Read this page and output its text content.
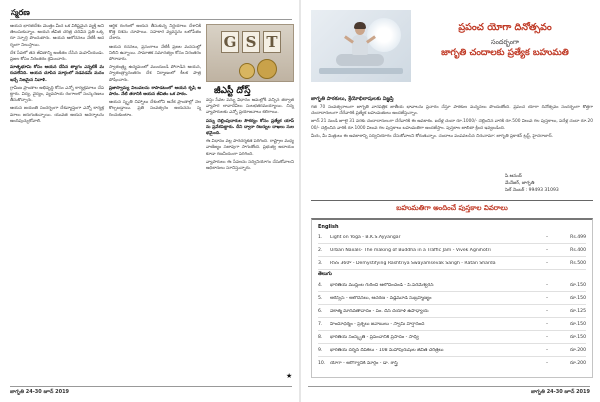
స్మరణ

ఆయన భారతదేశం మొత్తం మీద ఒక విశిష్టమైన వ్యక్తి అని తెలుసుకున్నాం. ఆయన జీవిత చరిత్ర చదివిన ప్రతి ఒక్కరూ స్ఫూర్తి పొందుతారు. ఆయన ఆలోచనలు నేటికీ ఆదర్శంగా నిలుస్తాయి.

దేశ సేవలో తన జీవితాన్ని అంకితం చేసిన మహనీయుడు. ప్రజల కోసం నిరంతరం శ్రమించారు.

మాతృభూమి కోసం ఆయన చేసిన త్యాగం ఎన్నటికీ మరువలేనిది. ఆయన చూపిన మార్గంలో నడవడమే మనం ఇచ్చే నిజమైన నివాళి.

గ్రామీణ ప్రాంతాల అభివృద్ధి కోసం ఎన్నో కార్యక్రమాలు చేపట్టారు. విద్య, వైద్యం, వ్యవసాయ రంగాలలో సంస్కరణలు తీసుకొచ్చారు.

ఆయన జయంతి సందర్భంగా దేశవ్యాప్తంగా ఎన్నో కార్యక్రమాలు జరుగుతున్నాయి. యువత ఆయన ఆదర్శాలను అందిపుచ్చుకోవాలి.

ఆర్థిక రంగంలో ఆయన తీసుకున్న నిర్ణయాలు దేశానికి కొత్త దిశను చూపాయి. సహకార వ్యవస్థను బలోపేతం చేశారు.

ఆయన రచనలు, ప్రసంగాలు నేటికీ ప్రజల మనసుల్లో నిలిచి ఉన్నాయి. సామాజిక సమానత్వం కోసం నిరంతరం పోరాడారు.

స్వాతంత్ర్య ఉద్యమంలో ముందుండి పోరాడిన ఆయన, స్వాతంత్ర్యానంతరం దేశ నిర్మాణంలో కీలక పాత్ర పోషించారు.

ప్రజాస్వామ్య విలువలను కాపాడటంలో ఆయన కృషి అపారం. నేటి తరానికి ఆయన జీవితం ఒక పాఠం.

ఆయన స్మృతి చిహ్నాలు దేశంలోని అనేక ప్రాంతాల్లో నెలకొల్పబడ్డాయి. ప్రతి సంవత్సరం ఆయనను స్మరించుకుంటాం.

G S T
జీఎస్టీ దోస్త్

వస్తు సేవల పన్ను విధానం అమల్లోకి వచ్చిన తర్వాత వ్యాపార లావాదేవీలు సులభతరమయ్యాయి. చిన్న వ్యాపారులకు ఎన్నో ప్రయోజనాలు కలిగాయి.

పన్ను చెల్లింపుదారుల సౌకర్యం కోసం ప్రత్యేక యాప్ ను ప్రవేశపెట్టారు. దీని ద్వారా రిటర్నుల దాఖలు సులభమైంది.

ఈ విధానం వల్ల పారదర్శకత పెరిగింది. రాష్ట్రాల మధ్య వాణిజ్యం సజావుగా సాగుతోంది. ప్రభుత్వ ఆదాయం కూడా గణనీయంగా పెరిగింది.

వ్యాపారులు ఈ సేవలను సద్వినియోగం చేసుకోవాలని అధికారులు సూచిస్తున్నారు.

★
జాగృతి 24-30 జూన్ 2019
ప్రపంచ యోగా దినోత్సవం
సందర్భంగా
జాగృతి చందాలకు ప్రత్యేక బహుమతి
జాగృతి పాఠకులు, శ్రేయోభిలాషులకు విజ్ఞప్తి

గత 70 సంవత్సరాలుగా జాగృతి వారపత్రిక జాతీయ భావాలను ప్రచారం చేస్తూ పాఠకుల మన్ననలు పొందుతోంది. ప్రపంచ యోగా దినోత్సవం సందర్భంగా కొత్తగా చందాదారులుగా చేరేవారికి ప్రత్యేక బహుమతులు అందజేస్తున్నాం.

జూన్ 21 నుండి జూలై 31 వరకు చందాదారులుగా చేరేవారికి ఈ అవకాశం. ఐదేళ్ల చందా రూ.1000/- చెల్లించిన వారికి రూ.500 విలువ గల పుస్తకాలు, పదేళ్ల చందా రూ.2000/- చెల్లించిన వారికి రూ.1000 విలువ గల పుస్తకాలు బహుమతిగా అందజేస్తాం. పుస్తకాల జాబితా క్రింద ఇవ్వబడింది.

మీరు, మీ మిత్రులు ఈ అవకాశాన్ని సద్వినియోగం చేసుకోవాలని కోరుతున్నాం. చందాలు పంపవలసిన చిరునామా: జాగృతి ప్రకాశన్ ట్రస్ట్, హైదరాబాద్.

పి.ఆనంద్
మేనేజర్, జాగృతి
సెల్ నెంబర్ : 99493 31093
బహుమతిగా అందించే పుస్తకాల వివరాలు
English
1.	Light on Yoga - B.K.S.Ayyangar	–	Rs.499
2.	Urban Naxals- The making of Buddha in a Traffic Jam - Vivek Agnihotri	–	Rs.400
3.	RSS 360º - Demystifying Rashtriya Swayamsevak Sangh - Ratan Sharda	–	Rs.500
తెలుగు
4.	భారతీయ ముస్లింల గురించి ఆలోచించండి - పి.పరమేశ్వరన్	–	రూ.150
5.	ఆరెస్సెస్ - ఆలోచనలు, ఆచరణ - వడ్లమూడి సుబ్రహ్మణ్యం	–	రూ.150
6.	ఏకాత్మ మానవతావాదం - పం. దీన్ దయాళ్ ఉపాధ్యాయ	–	రూ.125
7.	హిందూధర్మం - ప్రశ్నలు జవాబులు - స్వామి హర్షానంద	–	రూ.150
8.	భారతీయ సంస్కృతి - ప్రపంచానికి ప్రసాదం - సాధ్వి	–	రూ.150
9.	భారతీయ దర్శన దీపికలు - 108 మహాపురుషుల జీవిత చరిత్రలు	–	రూ.200
10.	యోగా - ఆరోగ్యానికి మార్గం - డా. శాస్త్రి	–	రూ.200
జాగృతి 24-30 జూన్ 2019
